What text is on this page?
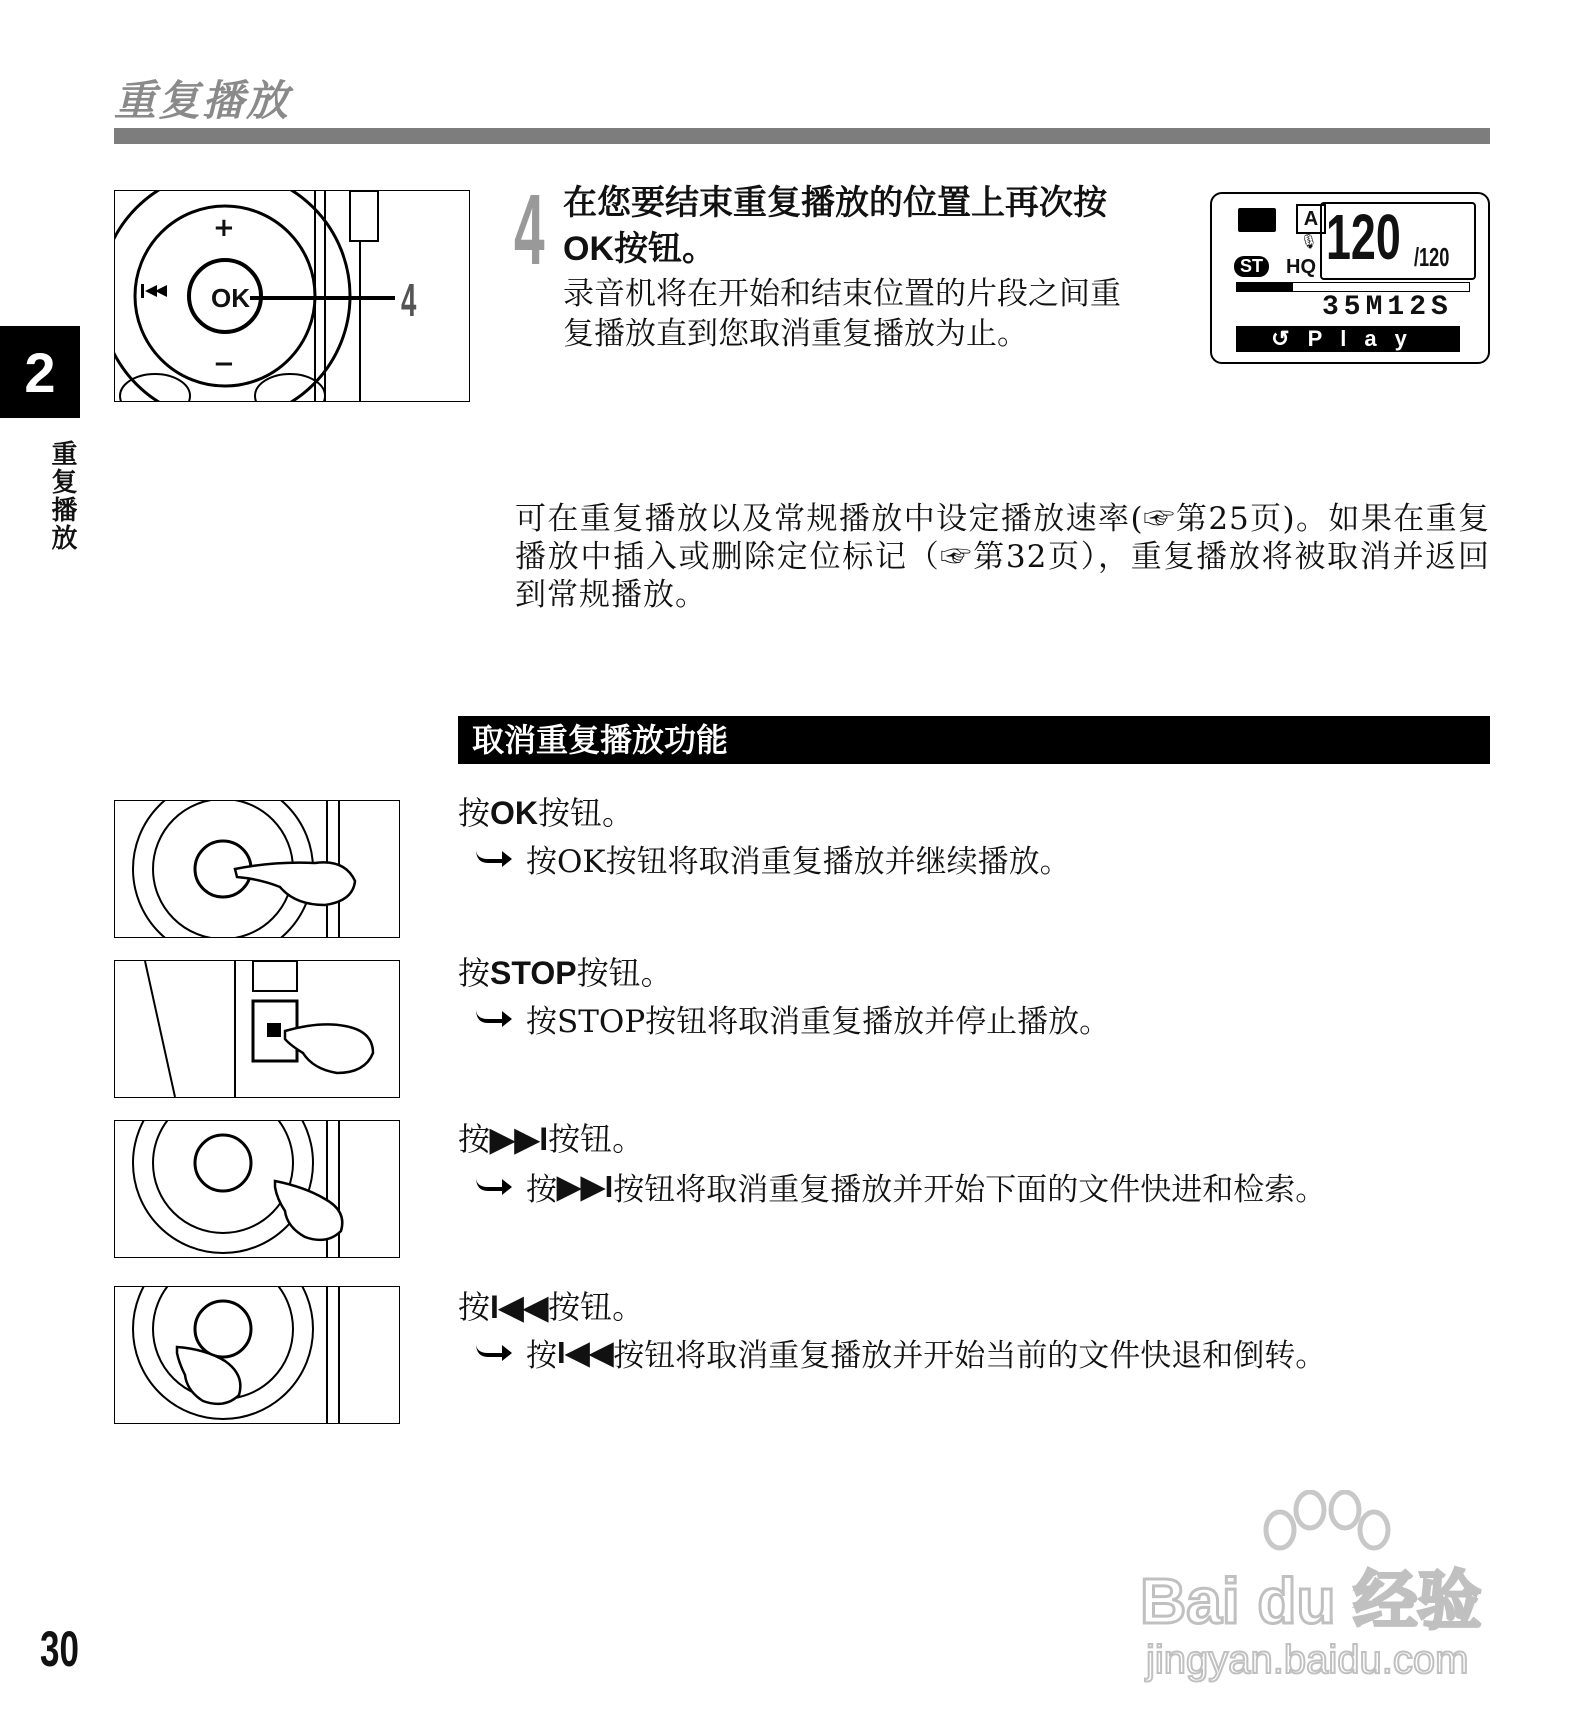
重复播放
2
重复播放
OK
+
−
4
4 在您要结束重复播放的位置上再次按
OK按钮。
录音机将在开始和结束位置的片段之间重
复播放直到您取消重复播放为止。
A
🎙
ST	HQ 120 /120
35M12S
↺Play
可在重复播放以及常规播放中设定播放速率(☞第25页)。如果在重复播放中插入或删除定位标记（☞第32页），重复播放将被取消并返回到常规播放。
取消重复播放功能
按OK按钮。
按OK按钮将取消重复播放并继续播放。
按STOP按钮。
按STOP按钮将取消重复播放并停止播放。
按▶▶I按钮。
按 ▶▶I 按钮将取消重复播放并开始下面的文件快进和检索。
按I◀◀按钮。
按 I◀◀ 按钮将取消重复播放并开始当前的文件快退和倒转。
30
Bai du 经验
jingyan.baidu.com
